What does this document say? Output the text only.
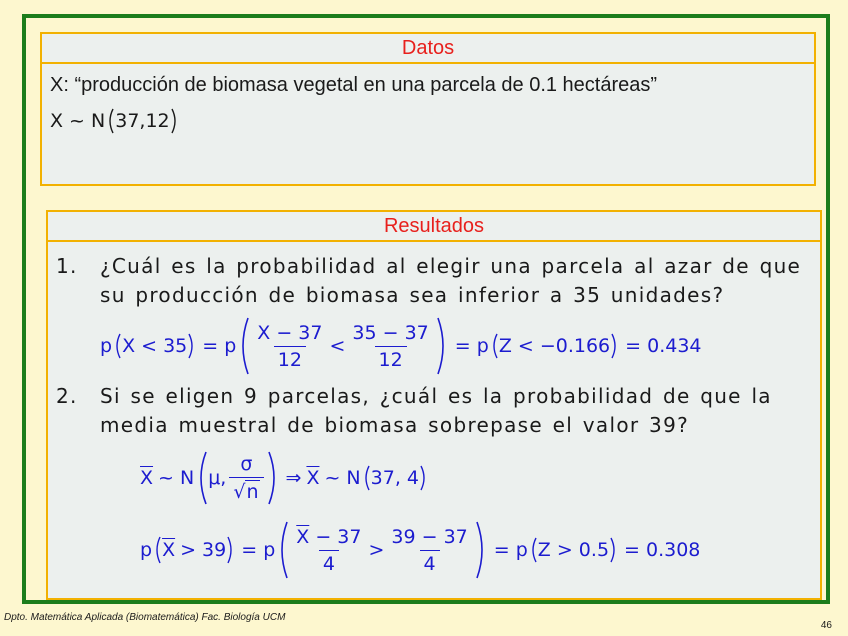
Datos
X: “producción de biomasa vegetal en una parcela de 0.1 hectáreas”
X ~ N 37,12
Resultados
1. ¿Cuál es la probabilidad al elegir una parcela al azar de que su producción de biomasa sea inferior a 35 unidades?
p X < 35 = p $\frac{X - 37}{12} < \frac{35 - 37}{12} = p$ Z < −0.166 = 0.434
2. Si se eligen 9 parcelas, ¿cuál es la probabilidad de que la media muestral de biomasa sobrepase el valor 39?
$\overline{X}$ ~ N μ, $\frac{\sigma}{√ n}$ ⇒ $\overline{X}$ ~ N 37, 4
p $\overline{X} > 39 = p \frac{\overline{X} - 37}{4} > \frac{39 - 37}{4} = p$ Z > 0.5 = 0.308
Dpto. Matemática Aplicada (Biomatemática) Fac. Biología UCM
46
